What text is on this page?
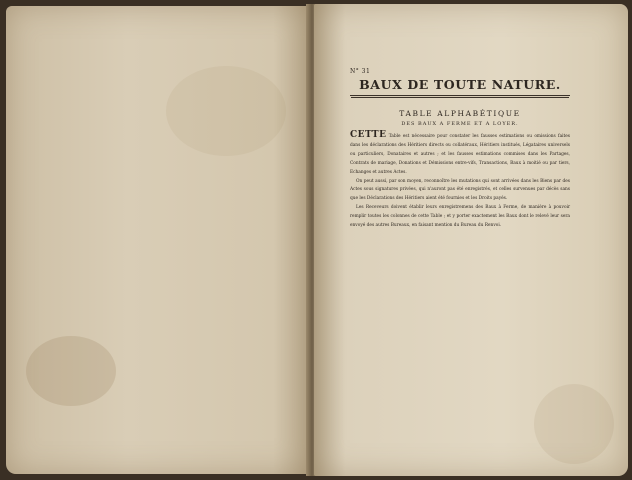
N° 31
BAUX DE TOUTE NATURE.
TABLE ALPHABÉTIQUE
DES BAUX A FERME ET A LOYER.

CETTE Table est nécessaire pour constater les fausses estimations ou omissions faites dans les déclarations des Héritiers directs ou collatéraux, Héritiers institués, Légataires universels ou particuliers, Donataires et autres ; et les fausses estimations commises dans les Partages, Contrats de mariage, Donations et Démissions entre-vifs, Transactions, Baux à moitié ou par tiers, Echanges et autres Actes.

On peut aussi, par son moyen, reconnoître les mutations qui sont arrivées dans les Biens par des Actes sous signatures privées, qui n'auront pas été enregistrés, et celles survenues par décès sans que les Déclarations des Héritiers aient été fournies et les Droits payés.

Les Receveurs doivent établir leurs enregistremens des Baux à Ferme, de manière à pouvoir remplir toutes les colonnes de cette Table ; et y porter exactement les Baux dont le relevé leur sera envoyé des autres Bureaux, en faisant mention du Bureau du Renvoi.
